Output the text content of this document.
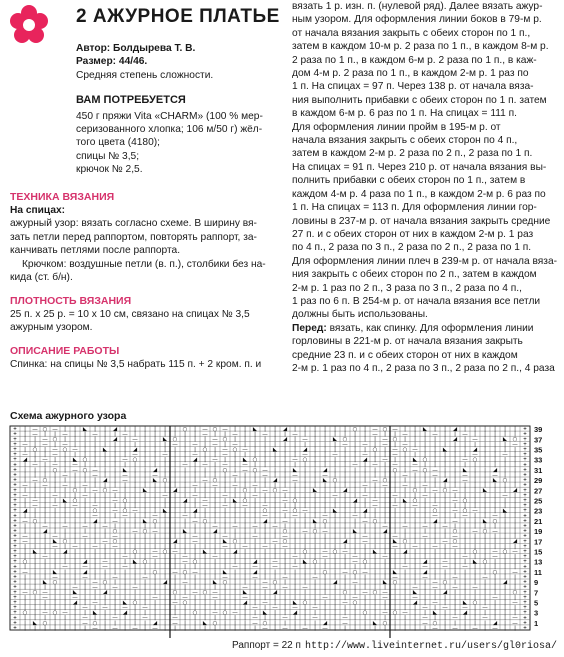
2 АЖУРНОЕ ПЛАТЬЕ

Автор: Болдырева Т. В.

Размер: 44/46.

Средняя степень сложности.

ВАМ ПОТРЕБУЕТСЯ

450 г пряжи Vita «CHARM» (100 % мер-

серизованного хлопка; 106 м/50 г) жёл-

того цвета (4180);

спицы № 3,5;

крючок № 2,5.

ТЕХНИКА ВЯЗАНИЯ

На спицах:

ажурный узор: вязать согласно схеме. В ширину вя-

зать петли перед раппортом, повторять раппорт, за-

канчивать петлями после раппорта.

Крючком: воздушные петли (в. п.), столбики без на-

кида (ст. б/н).

ПЛОТНОСТЬ ВЯЗАНИЯ

25 п. х 25 р. = 10 х 10 см, связано на спицах № 3,5

ажурным узором.

ОПИСАНИЕ РАБОТЫ

Спинка: на спицы № 3,5 набрать 115 п. + 2 кром. п. и

вязать 1 р. изн. п. (нулевой ряд). Далее вязать ажур-

ным узором. Для оформления линии боков в 79-м р.

от начала вязания закрыть с обеих сторон по 1 п.,

затем в каждом 10-м р. 2 раза по 1 п., в каждом 8-м р.

2 раза по 1 п., в каждом 6-м р. 2 раза по 1 п., в каж-

дом 4-м р. 2 раза по 1 п., в каждом 2-м р. 1 раз по

1 п. На спицах = 97 п. Через 138 р. от начала вяза-

ния выполнить прибавки с обеих сторон по 1 п. затем

в каждом 6-м р. 6 раз по 1 п. На спицах = 111 п.

Для оформления линии пройм в 195-м р. от

начала вязания закрыть с обеих сторон по 4 п.,

затем в каждом 2-м р. 2 раза по 2 п., 2 раза по 1 п.

На спицах = 91 п. Через 210 р. от начала вязания вы-

полнить прибавки с обеих сторон по 1 п., затем в

каждом 4-м р. 4 раза по 1 п., в каждом 2-м р. 6 раз по

1 п. На спицах = 113 п. Для оформления линии гор-

ловины в 237-м р. от начала вязания закрыть средние

27 п. и с обеих сторон от них в каждом 2-м р. 1 раз

по 4 п., 2 раза по 3 п., 2 раза по 2 п., 2 раза по 1 п.

Для оформления линии плеч в 239-м р. от начала вяза-

ния закрыть с обеих сторон по 2 п., затем в каждом

2-м р. 1 раз по 2 п., 3 раза по 3 п., 2 раза по 4 п.,

1 раз по 6 п. В 254-м р. от начала вязания все петли

должны быть использованы.

Перед: вязать, как спинку. Для оформления линии

горловины в 221-м р. от начала вязания закрыть

средние 23 п. и с обеих сторон от них в каждом

2-м р. 1 раз по 4 п., 2 раза по 3 п., 2 раза по 2 п., 4 раза

Схема ажурного узора
+
+
+
+
+
+
+
+
+
+
+
+
+
+
+
+
+
+
+
+
+
+
+
+
+
+
+
+
+
+
+
+
+
+
+
+
+
+
+
+
+
+
+
+
+
+
+
+
+
+
+
+
+
+
+
+
+
+
+
+
+
+
+
+
+
+
+
+
+
+
+
+
+
+
+
+
+
+
+
+
| — ○ — | | ◣ | | ◢ | | | | | | ○ | — ○ — | | ◣ | | ◢ | | | | | | ○ | — ○ — | | ◣ | | ◢ | | | | | |
| — | | — | | — | | — | | | | | | | — | | — | | — | | — | | | | | | | — | | — | | — | | — | | | | |
| | — ○ | | | | | ◢ | — | | ◣ ○ | | | — ○ | | | | | ◢ | — | | ◣ ○ | | | — ○ | | | | | ◢ | — | | ◣ ○
— | — | — | | | | | | | | | | — | — | — | — | | | | | | | | | | — | — | — | — | | | | | | | | | | —
| ○ | — ○ — | | ◣ | | ◢ | | | | | | ○ | — ○ — | | ◣ | | ◢ | | | | | | ○ | — ○ — | | ◣ | | ◢ | | | |
— | | — | | | | | | | — | | — | | — | | — | | | | | | | — | | — | | — | | — | | | | | | | — | | — |
◢ | — | | ◣ ○ | | | — ○ | | | | | ◢ | — | | ◣ ○ | | | — ○ | | | | | ◢ | — | | ◣ ○ | | | — ○ | | | |
| — | — | — | | | | | | | | | | — | — | — | — | | | | | | | | | | — | — | — | — | | | | | | | | | |
| | | ○ | — ○ — | | ◣ | | ◢ | | | | | | ○ | — ○ — | | ◣ | | ◢ | | | | | | ○ | — ○ — | | ◣ | | ◢ | |
| | | | — | | — | | — | | — | | | | | | | — | | — | | — | | — | | | | | | | — | | — | | — | | — | |
| — ○ | | | | | ◢ | — | | ◣ ○ | | | — ○ | | | | | ◢ | — | | ◣ ○ | | | — ○ | | | | | ◢ | — | | ◣ ○ |
— | — | — | — | | | | | | | | | | — | — | — | — | | | | | | | | | | — | — | — | — | | | | | | | | |
| | | | | ○ | — ○ — | | ◣ | | ◢ | | | | | | ○ | — ○ — | | ◣ | | ◢ | | | | | | ○ | — ○ — | | ◣ | | ◢
— | | — | | — | | | | | | | — | | — | | — | | — | | | | | | | — | | — | | — | | — | | | | | | | — |
| — | | ◣ ○ | | | — ○ | | | | | ◢ | — | | ◣ ○ | | | — ○ | | | | | ◢ | — | | ◣ ○ | | | — ○ | | | | |
| — | — | — | — | | | | | | | | | | — | — | — | — | | | | | | | | | | — | — | — | — | | | | | | | |
◢ | | | | | | ○ | — ○ — | | ◣ | | ◢ | | | | | | ○ | — ○ — | | ◣ | | ◢ | | | | | | ○ | — ○ — | | ◣ |
| | | | | | | — | | — | | — | | — | | | | | | | — | | — | | — | | — | | | | | | | — | | — | | — | |
— ○ | | | | | ◢ | — | | ◣ ○ | | | — ○ | | | | | ◢ | — | | ◣ ○ | | | — ○ | | | | | ◢ | — | | ◣ ○ | |
| | — | — | — | — | | | | | | | | | | — | — | — | — | | | | | | | | | | — | — | — | — | | | | | | |
| | ◢ | | | | | | ○ | — ○ — | | ◣ | | ◢ | | | | | | ○ | — ○ — | | ◣ | | ◢ | | | | | | ○ | — ○ — | |
— | | — | | — | | — | | | | | | | — | | — | | — | | — | | | | | | | — | | — | | — | | — | | | | | |
— | | ◣ ○ | | | — ○ | | | | | ◢ | — | | ◣ ○ | | | — ○ | | | | | ◢ | — | | ◣ ○ | | | — ○ | | | | | ◢
| | | — | — | — | — | | | | | | | | | | — | — | — | — | | | | | | | | | | — | — | — | — | | | | | |
| ◣ | | ◢ | | | | | | ○ | — ○ — | | ◣ | | ◢ | | | | | | ○ | — ○ — | | ◣ | | ◢ | | | | | | ○ | — ○ —
| | — | | | | | | | — | | — | | — | | — | | | | | | | — | | — | | — | | — | | | | | | | — | | — | |
○ | | | | | ◢ | — | | ◣ ○ | | | — ○ | | | | | ◢ | — | | ◣ ○ | | | — ○ | | | | | ◢ | — | | ◣ ○ | | |
| | | | — | — | — | — | | | | | | | | | | — | — | — | — | | | | | | | | | | — | — | — | — | | | | |
— | | ◣ | | ◢ | | | | | | ○ | — ○ — | | ◣ | | ◢ | | | | | | ○ | — ○ — | | ◣ | | ◢ | | | | | | ○ | —
| | | — | | — | | — | | — | | | | | | | — | | — | | — | | — | | | | | | | — | | — | | — | | — | | |
| | ◣ ○ | | | — ○ | | | | | ◢ | — | | ◣ ○ | | | — ○ | | | | | ◢ | — | | ◣ ○ | | | — ○ | | | | | ◢ |
| | | | | — | — | — | — | | | | | | | | | | — | — | — | — | | | | | | | | | | — | — | — | — | | | |
— ○ — | | ◣ | | ◢ | | | | | | ○ | — ○ — | | ◣ | | ◢ | | | | | | ○ | — ○ — | | ◣ | | ◢ | | | | | | ○
| | — | | — | | | | | | | — | | — | | — | | — | | | | | | | — | | — | | — | | — | | | | | | | — | |
| | | | | ◢ | — | | ◣ ○ | | | — ○ | | | | | ◢ | — | | ◣ ○ | | | — ○ | | | | | ◢ | — | | ◣ ○ | | | —
| | | | | | — | — | — | — | | | | | | | | | | — | — | — | — | | | | | | | | | | — | — | — | — | | |
○ | — ○ — | | ◣ | | ◢ | | | | | | ○ | — ○ — | | ◣ | | ◢ | | | | | | ○ | — ○ — | | ◣ | | ◢ | | | | |
| | | | | | — | | — | | — | | — | | | | | | | — | | — | | — | | — | | | | | | | — | | — | | — | | —
| ◣ ○ | | | — ○ | | | | | ◢ | — | | ◣ ○ | | | — ○ | | | | | ◢ | — | | ◣ ○ | | | — ○ | | | | | ◢ | —
| | | | | | | — | — | — | — | | | | | | | | | | — | — | — | — | | | | | | | | | | — | — | — | — | |
39
37
35
33
31
29
27
25
23
21
19
17
15
13
11
9
7
5
3
1
Раппорт = 22 п http://www.liveinternet.ru/users/gl0riosa/
